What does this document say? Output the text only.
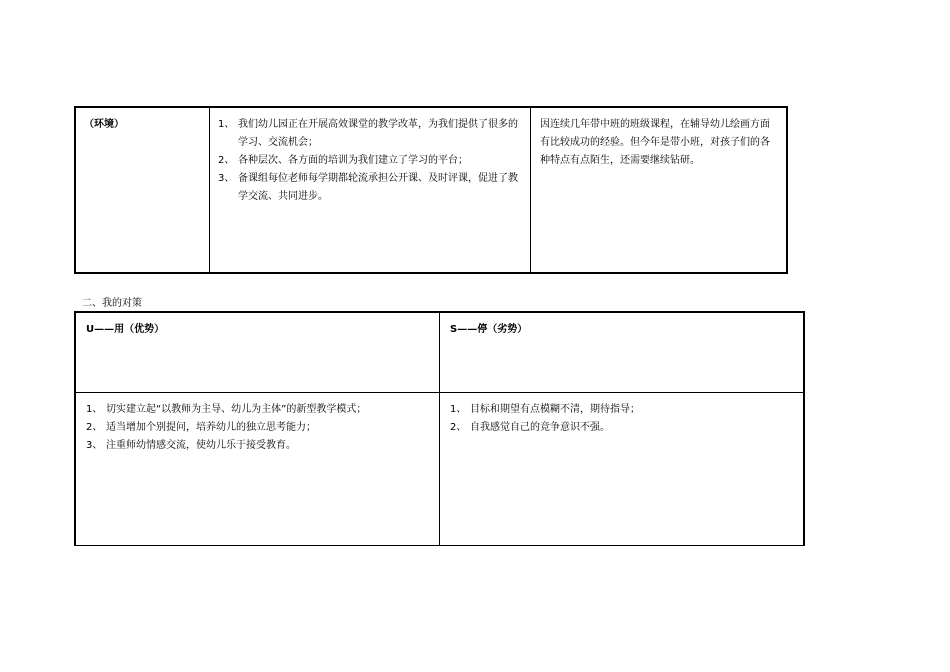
（环境）	1、 我们幼儿园正在开展高效课堂的教学改革，为我们提供了很多的学习、交流机会；
2、 各种层次、各方面的培训为我们建立了学习的平台；
3、 备课组每位老师每学期都轮流承担公开课、及时评课，促进了教学交流、共同进步。
因连续几年带中班的班级课程，在辅导幼儿绘画方面有比较成功的经验。但今年是带小班，对孩子们的各种特点有点陌生，还需要继续钻研。
二、我的对策
U——用（优势）	S——停（劣势）
1、 切实建立起“以教师为主导、幼儿为主体”的新型教学模式；
2、 适当增加个别提问，培养幼儿的独立思考能力；
3、 注重师幼情感交流，使幼儿乐于接受教育。
1、 目标和期望有点模糊不清，期待指导；
2、 自我感觉自己的竞争意识不强。
